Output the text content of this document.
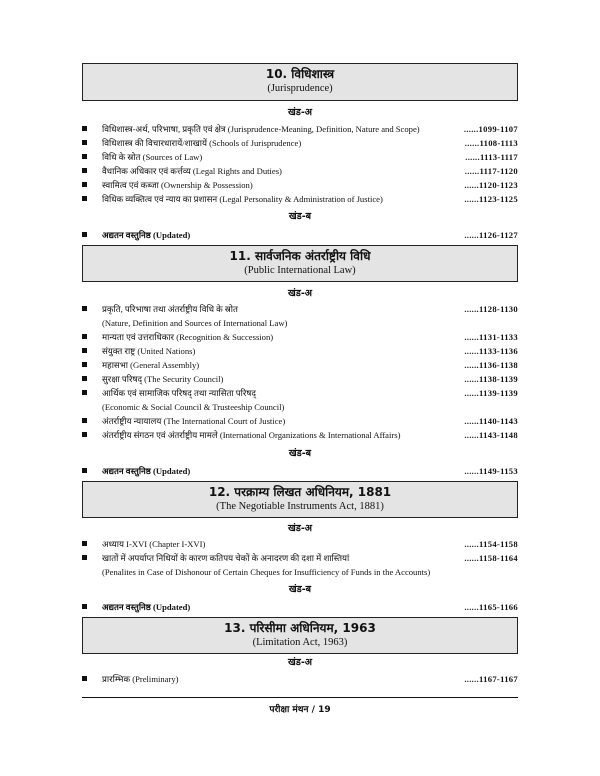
10. विधिशास्त्र
(Jurisprudence)
खंड-अ
विधिशास्त्र-अर्थ, परिभाषा, प्रकृति एवं क्षेत्र (Jurisprudence-Meaning, Definition, Nature and Scope)	......1099-1107
विधिशास्त्र की विचारधारायें/शाखायें (Schools of Jurisprudence)	......1108-1113
विधि के स्रोत (Sources of Law)	......1113-1117
वैधानिक अधिकार एवं कर्त्तव्य (Legal Rights and Duties)	......1117-1120
स्वामित्व एवं कब्जा (Ownership & Possession)	......1120-1123
विधिक व्यक्तित्व एवं न्याय का प्रशासन (Legal Personality & Administration of Justice)	......1123-1125
खंड-ब
अद्यतन वस्तुनिष्ठ (Updated)	......1126-1127
11. सार्वजनिक अंतर्राष्ट्रीय विधि
(Public International Law)
खंड-अ
प्रकृति, परिभाषा तथा अंतर्राष्ट्रीय विधि के स्रोत	......1128-1130
(Nature, Definition and Sources of International Law)
मान्यता एवं उत्तराधिकार (Recognition & Succession)	......1131-1133
संयुक्त राष्ट्र (United Nations)	......1133-1136
महासभा (General Assembly)	......1136-1138
सुरक्षा परिषद् (The Security Council)	......1138-1139
आर्थिक एवं सामाजिक परिषद् तथा न्यासिता परिषद्	......1139-1139
(Economic & Social Council & Trusteeship Council)
अंतर्राष्ट्रीय न्यायालय (The International Court of Justice)	......1140-1143
अंतर्राष्ट्रीय संगठन एवं अंतर्राष्ट्रीय मामले (International Organizations & International Affairs)	......1143-1148
खंड-ब
अद्यतन वस्तुनिष्ठ (Updated)	......1149-1153
12. परक्राम्य लिखत अधिनियम, 1881
(The Negotiable Instruments Act, 1881)
खंड-अ
अध्याय I-XVI (Chapter I-XVI)	......1154-1158
खातों में अपर्याप्त निधियों के कारण कतिपय चेकों के अनादरण की दशा में शास्तियां	......1158-1164
(Penalites in Case of Dishonour of Certain Cheques for Insufficiency of Funds in the Accounts)
खंड-ब
अद्यतन वस्तुनिष्ठ (Updated)	......1165-1166
13. परिसीमा अधिनियम, 1963
(Limitation Act, 1963)
खंड-अ
प्रारम्भिक (Preliminary)	......1167-1167
परीक्षा मंथन / 19
